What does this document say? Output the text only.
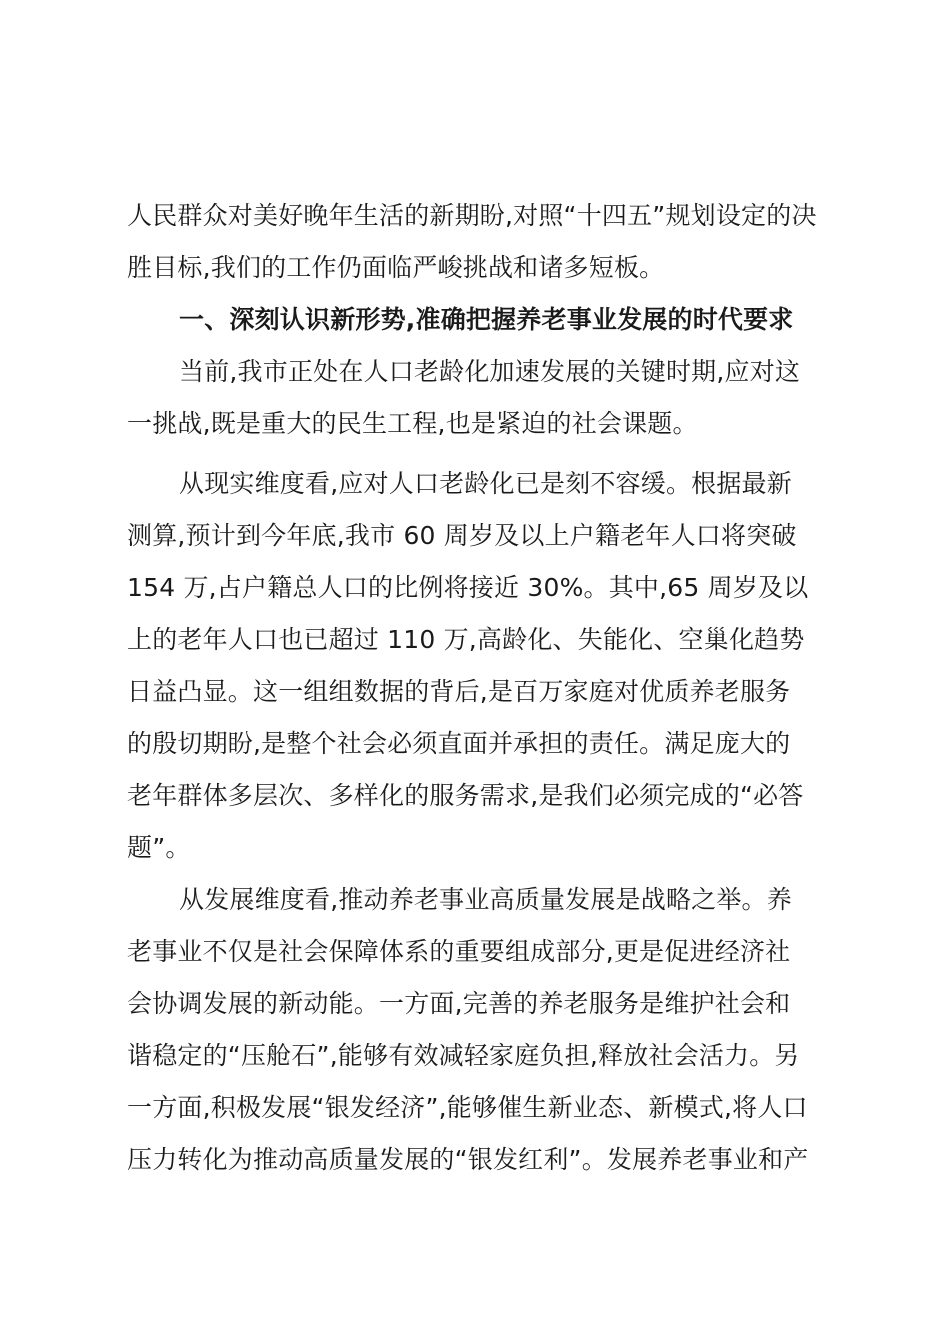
人民群众对美好晚年生活的新期盼,对照“十四五”规划设定的决
胜目标,我们的工作仍面临严峻挑战和诸多短板。
一、深刻认识新形势,准确把握养老事业发展的时代要求
当前,我市正处在人口老龄化加速发展的关键时期,应对这
一挑战,既是重大的民生工程,也是紧迫的社会课题。
从现实维度看,应对人口老龄化已是刻不容缓。根据最新
测算,预计到今年底,我市 60 周岁及以上户籍老年人口将突破
154 万,占户籍总人口的比例将接近 30%。其中,65 周岁及以
上的老年人口也已超过 110 万,高龄化、失能化、空巢化趋势
日益凸显。这一组组数据的背后,是百万家庭对优质养老服务
的殷切期盼,是整个社会必须直面并承担的责任。满足庞大的
老年群体多层次、多样化的服务需求,是我们必须完成的“必答
题”。
从发展维度看,推动养老事业高质量发展是战略之举。养
老事业不仅是社会保障体系的重要组成部分,更是促进经济社
会协调发展的新动能。一方面,完善的养老服务是维护社会和
谐稳定的“压舱石”,能够有效减轻家庭负担,释放社会活力。另
一方面,积极发展“银发经济”,能够催生新业态、新模式,将人口
压力转化为推动高质量发展的“银发红利”。发展养老事业和产
